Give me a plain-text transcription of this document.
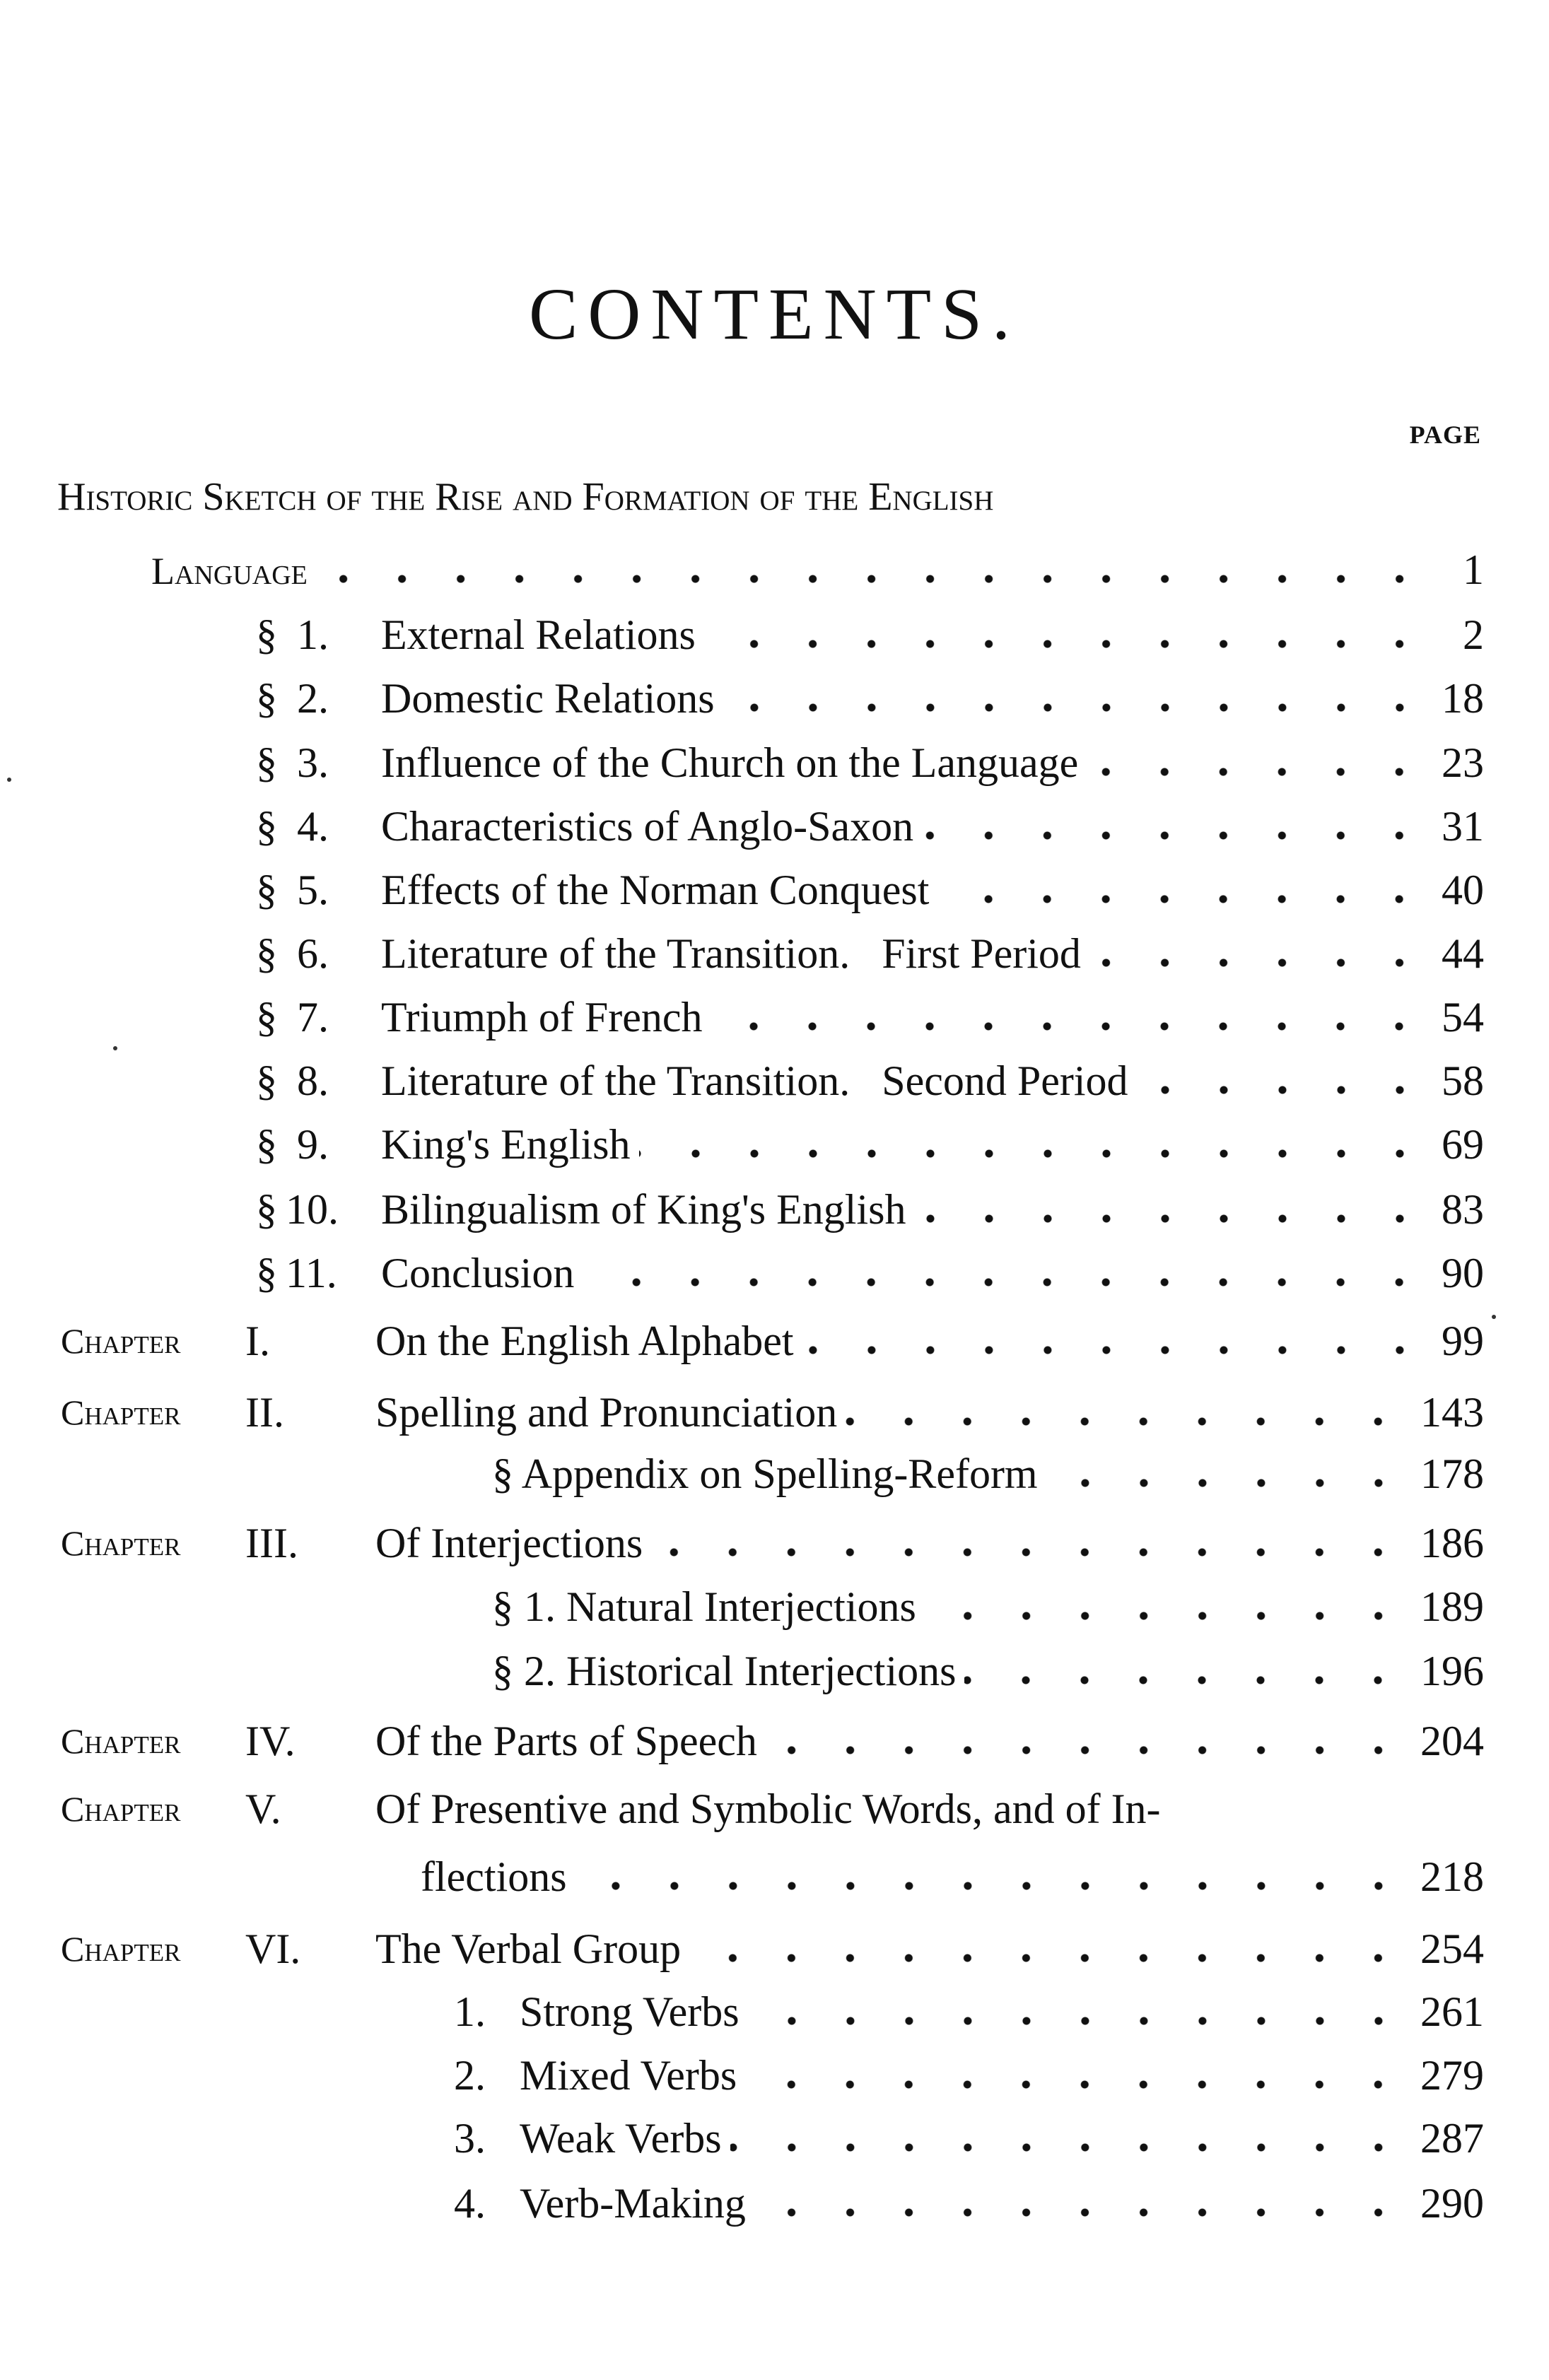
CONTENTS.
PAGE
Historic Sketch of the Rise and Formation of the English
Language	1
§ 1. External Relations	2
§ 2. Domestic Relations	18
§ 3. Influence of the Church on the Language	23
§ 4. Characteristics of Anglo-Saxon	31
§ 5. Effects of the Norman Conquest	40
§ 6. Literature of the Transition.   First Period	44
§ 7. Triumph of French	54
§ 8. Literature of the Transition.   Second Period	58
§ 9. King's English	69
§ 10. Bilingualism of King's English	83
§ 11. Conclusion	90
Chapter I. On the English Alphabet	99
Chapter II. Spelling and Pronunciation	143
§ Appendix on Spelling-Reform	178
Chapter III. Of Interjections	186
§ 1. Natural Interjections	189
§ 2. Historical Interjections	196
Chapter IV. Of the Parts of Speech	204
Chapter V. Of Presentive and Symbolic Words, and of In-
flections	218
Chapter VI. The Verbal Group	254
1. Strong Verbs	261
2. Mixed Verbs	279
3. Weak Verbs	287
4. Verb-Making	290
